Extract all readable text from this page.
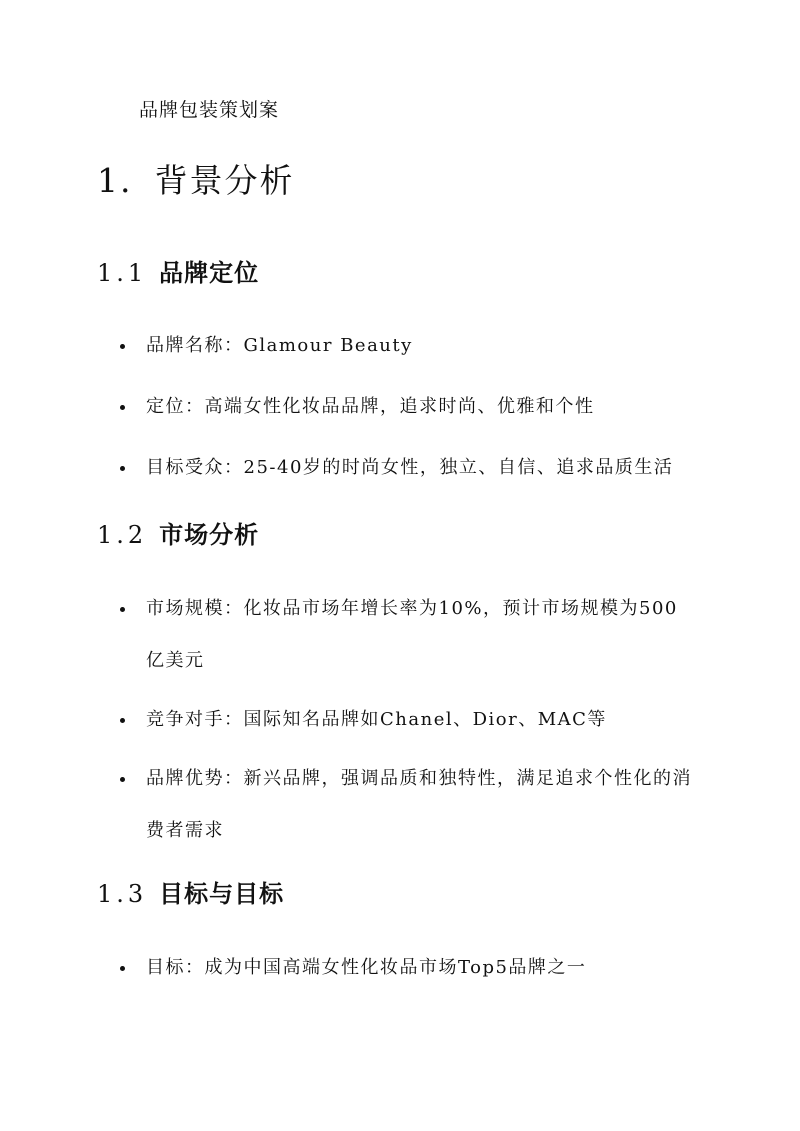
品牌包装策划案
1. 背景分析
1.1 品牌定位
品牌名称：Glamour Beauty
定位：高端女性化妆品品牌，追求时尚、优雅和个性
目标受众：25-40岁的时尚女性，独立、自信、追求品质生活
1.2 市场分析
市场规模：化妆品市场年增长率为10%，预计市场规模为500亿美元
竞争对手：国际知名品牌如Chanel、Dior、MAC等
品牌优势：新兴品牌，强调品质和独特性，满足追求个性化的消费者需求
1.3 目标与目标
目标：成为中国高端女性化妆品市场Top5品牌之一
